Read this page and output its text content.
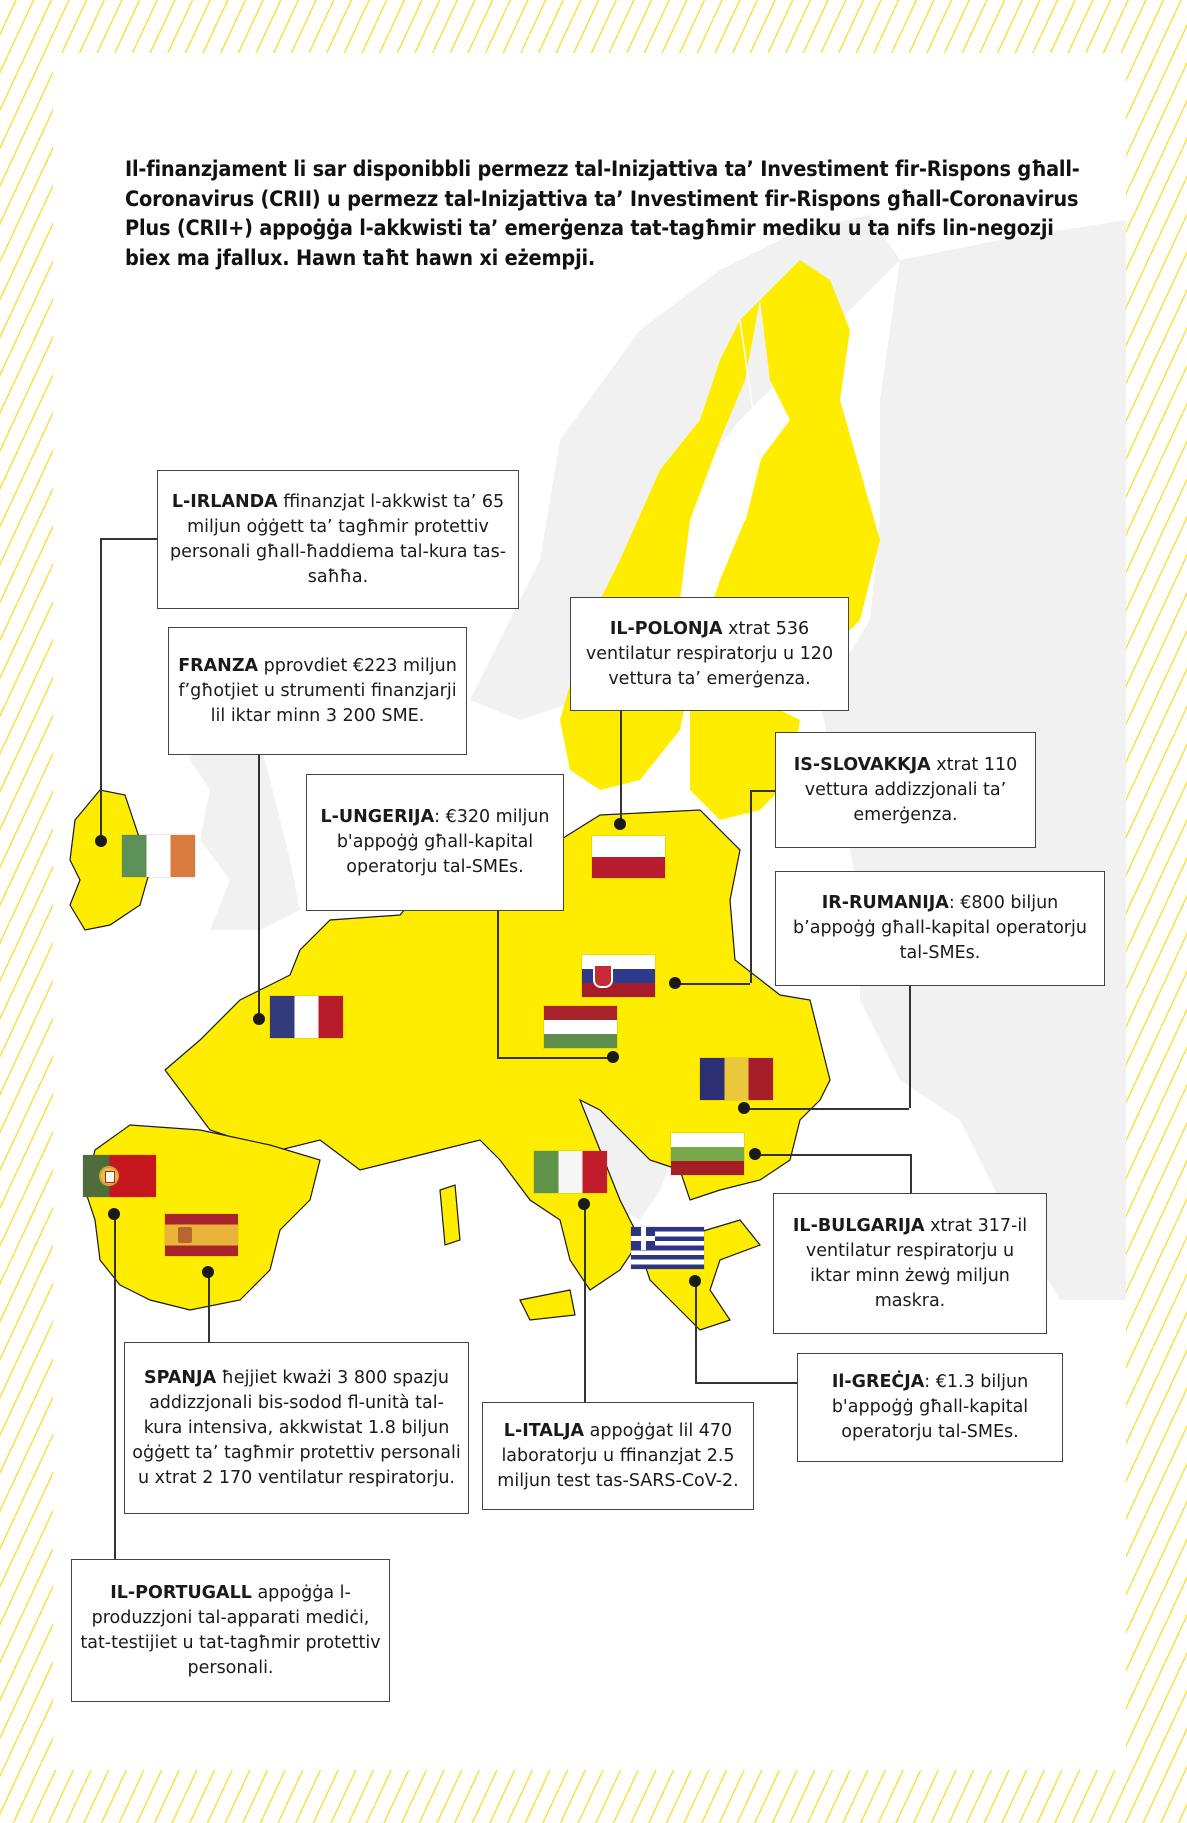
Il-finanzjament li sar disponibbli permezz tal-Inizjattiva ta’ Investiment fir-Rispons għall-Coronavirus (CRII) u permezz tal-Inizjattiva ta’ Investiment fir-Rispons għall-Coronavirus Plus (CRII+) appoġġa l-akkwisti ta’ emerġenza tat-tagħmir mediku u ta nifs lin-negozji biex ma jfallux. Hawn taħt hawn xi eżempji.
L-IRLANDA ffinanzjat l-akkwist ta’ 65 miljun oġġett ta’ tagħmir protettiv personali għall-ħaddiema tal-kura tas-saħħa.
FRANZA pprovdiet €223 miljun f’għotjiet u strumenti finanzjarji lil iktar minn 3 200 SME.
IL-POLONJA xtrat 536 ventilatur respiratorju u 120 vettura ta’ emerġenza.
L-UNGERIJA: €320 miljun b'appoġġ għall-kapital operatorju tal-SMEs.
IS-SLOVAKKJA xtrat 110 vettura addizzjonali ta’ emerġenza.
IR-RUMANIJA: €800 biljun b’appoġġ għall-kapital operatorju tal-SMEs.
IL-BULGARIJA xtrat 317-il ventilatur respiratorju u iktar minn żewġ miljun maskra.
Il-GREĊJA: €1.3 biljun b'appoġġ għall-kapital operatorju tal-SMEs.
L-ITALJA appoġġat lil 470 laboratorju u ffinanzjat 2.5 miljun test tas-SARS-CoV-2.
SPANJA ħejjiet kważi 3 800 spazju addizzjonali bis-sodod fl-unità tal-kura intensiva, akkwistat 1.8 biljun oġġett ta’ tagħmir protettiv personali u xtrat 2 170 ventilatur respiratorju.
IL-PORTUGALL appoġġa l-produzzjoni tal-apparati mediċi, tat-testijiet u tat-tagħmir protettiv personali.
